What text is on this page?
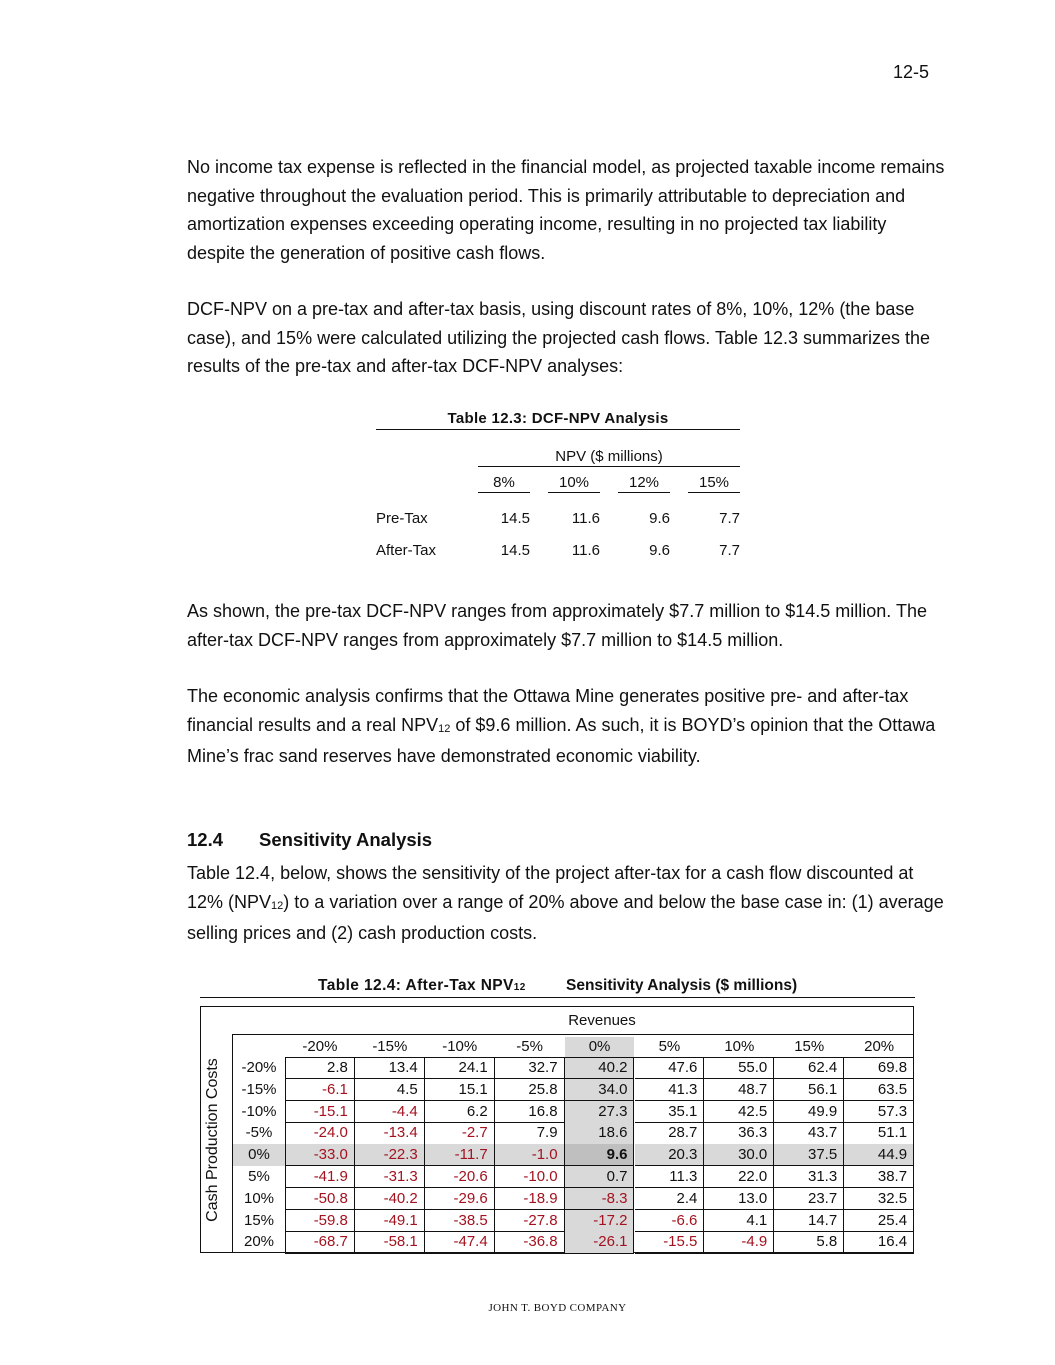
12-5

No income tax expense is reflected in the financial model, as projected taxable income remains negative throughout the evaluation period. This is primarily attributable to depreciation and amortization expenses exceeding operating income, resulting in no projected tax liability despite the generation of positive cash flows.

DCF-NPV on a pre-tax and after-tax basis, using discount rates of 8%, 10%, 12% (the base case), and 15% were calculated utilizing the projected cash flows. Table 12.3 summarizes the results of the pre-tax and after-tax DCF-NPV analyses:

Table 12.3: DCF-NPV Analysis
NPV ($ millions)
8%	10%	12%	15%
Pre-Tax	14.5	11.6	9.6	7.7
After-Tax	14.5	11.6	9.6	7.7

As shown, the pre-tax DCF-NPV ranges from approximately $7.7 million to $14.5 million. The after-tax DCF-NPV ranges from approximately $7.7 million to $14.5 million.

The economic analysis confirms that the Ottawa Mine generates positive pre- and after-tax financial results and a real $NPV_{12}$ of $9.6 million. As such, it is BOYD’s opinion that the Ottawa Mine’s frac sand reserves have demonstrated economic viability.

12.4 Sensitivity Analysis

Table 12.4, below, shows the sensitivity of the project after-tax for a cash flow discounted at 12% $(NPV_{12})$ to a variation over a range of 20% above and below the base case in: (1) average selling prices and (2) cash production costs.

Table 12.4: After-Tax NPV12	Sensitivity Analysis ($ millions)
Revenues
Cash Production Costs
-20%	-15%	-10%	-5%	0%	5%	10%	15%	20%
-20%	2.8	13.4	24.1	32.7	40.2	47.6	55.0	62.4	69.8
-15%	-6.1	4.5	15.1	25.8	34.0	41.3	48.7	56.1	63.5
-10%	-15.1	-4.4	6.2	16.8	27.3	35.1	42.5	49.9	57.3
-5%	-24.0	-13.4	-2.7	7.9	18.6	28.7	36.3	43.7	51.1
0%	-33.0	-22.3	-11.7	-1.0	9.6	20.3	30.0	37.5	44.9
5%	-41.9	-31.3	-20.6	-10.0	0.7	11.3	22.0	31.3	38.7
10%	-50.8	-40.2	-29.6	-18.9	-8.3	2.4	13.0	23.7	32.5
15%	-59.8	-49.1	-38.5	-27.8	-17.2	-6.6	4.1	14.7	25.4
20%	-68.7	-58.1	-47.4	-36.8	-26.1	-15.5	-4.9	5.8	16.4
JOHN T. BOYD COMPANY
